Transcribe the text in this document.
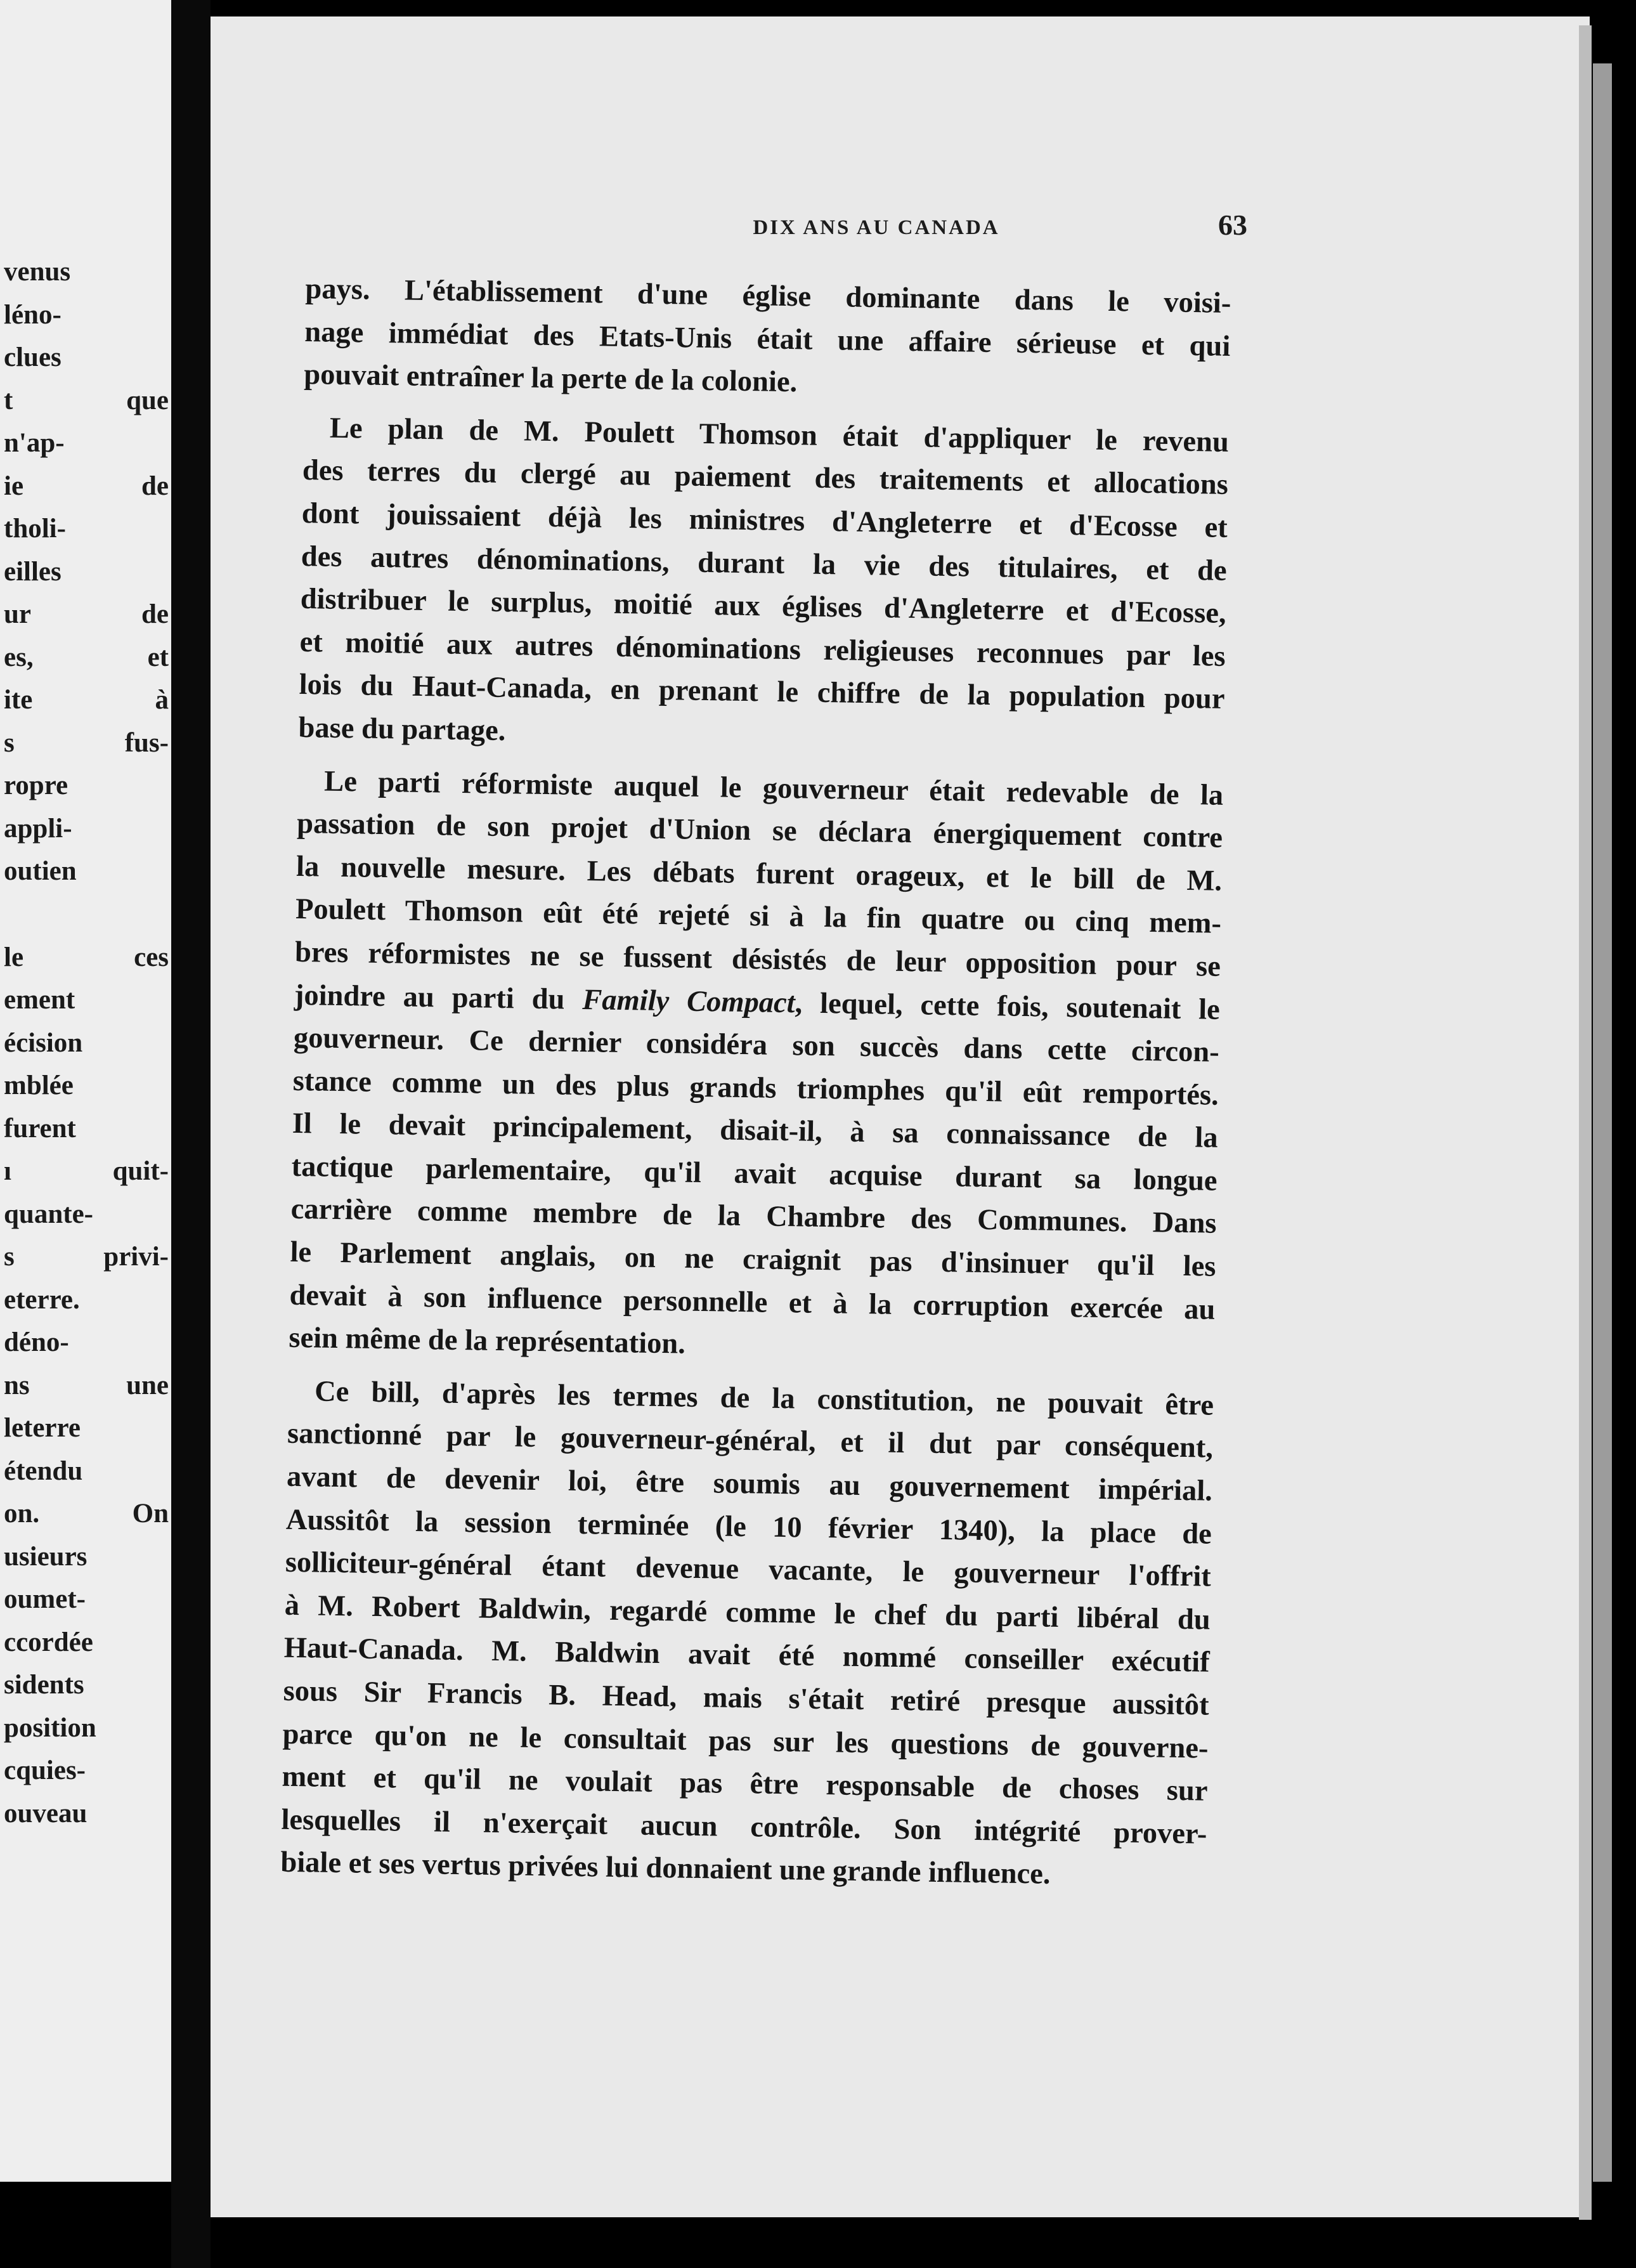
venus
léno-
clues
t que
n'ap-
ie de
tholi-
eilles
ur de
es, et
ite à
s fus-
ropre
appli-
outien
le ces
ement
écision
mblée
furent
ı quit-
quante-
s privi-
eterre.
déno-
ns une
leterre
étendu
on. On
usieurs
oumet-
ccordée
sidents
position
cquies-
ouveau
DIX ANS AU CANADA	63
pays. L'établissement d'une église dominante dans le voisi-
nage immédiat des Etats-Unis était une affaire sérieuse et qui
pouvait entraîner la perte de la colonie.
Le plan de M. Poulett Thomson était d'appliquer le revenu
des terres du clergé au paiement des traitements et allocations
dont jouissaient déjà les ministres d'Angleterre et d'Ecosse et
des autres dénominations, durant la vie des titulaires, et de
distribuer le surplus, moitié aux églises d'Angleterre et d'Ecosse,
et moitié aux autres dénominations religieuses reconnues par les
lois du Haut-Canada, en prenant le chiffre de la population pour
base du partage.
Le parti réformiste auquel le gouverneur était redevable de la
passation de son projet d'Union se déclara énergiquement contre
la nouvelle mesure. Les débats furent orageux, et le bill de M.
Poulett Thomson eût été rejeté si à la fin quatre ou cinq mem-
bres réformistes ne se fussent désistés de leur opposition pour se
joindre au parti du Family Compact, lequel, cette fois, soutenait le
gouverneur. Ce dernier considéra son succès dans cette circon-
stance comme un des plus grands triomphes qu'il eût remportés.
Il le devait principalement, disait-il, à sa connaissance de la
tactique parlementaire, qu'il avait acquise durant sa longue
carrière comme membre de la Chambre des Communes. Dans
le Parlement anglais, on ne craignit pas d'insinuer qu'il les
devait à son influence personnelle et à la corruption exercée au
sein même de la représentation.
Ce bill, d'après les termes de la constitution, ne pouvait être
sanctionné par le gouverneur-général, et il dut par conséquent,
avant de devenir loi, être soumis au gouvernement impérial.
Aussitôt la session terminée (le 10 février 1340), la place de
solliciteur-général étant devenue vacante, le gouverneur l'offrit
à M. Robert Baldwin, regardé comme le chef du parti libéral du
Haut-Canada. M. Baldwin avait été nommé conseiller exécutif
sous Sir Francis B. Head, mais s'était retiré presque aussitôt
parce qu'on ne le consultait pas sur les questions de gouverne-
ment et qu'il ne voulait pas être responsable de choses sur
lesquelles il n'exerçait aucun contrôle. Son intégrité prover-
biale et ses vertus privées lui donnaient une grande influence.
